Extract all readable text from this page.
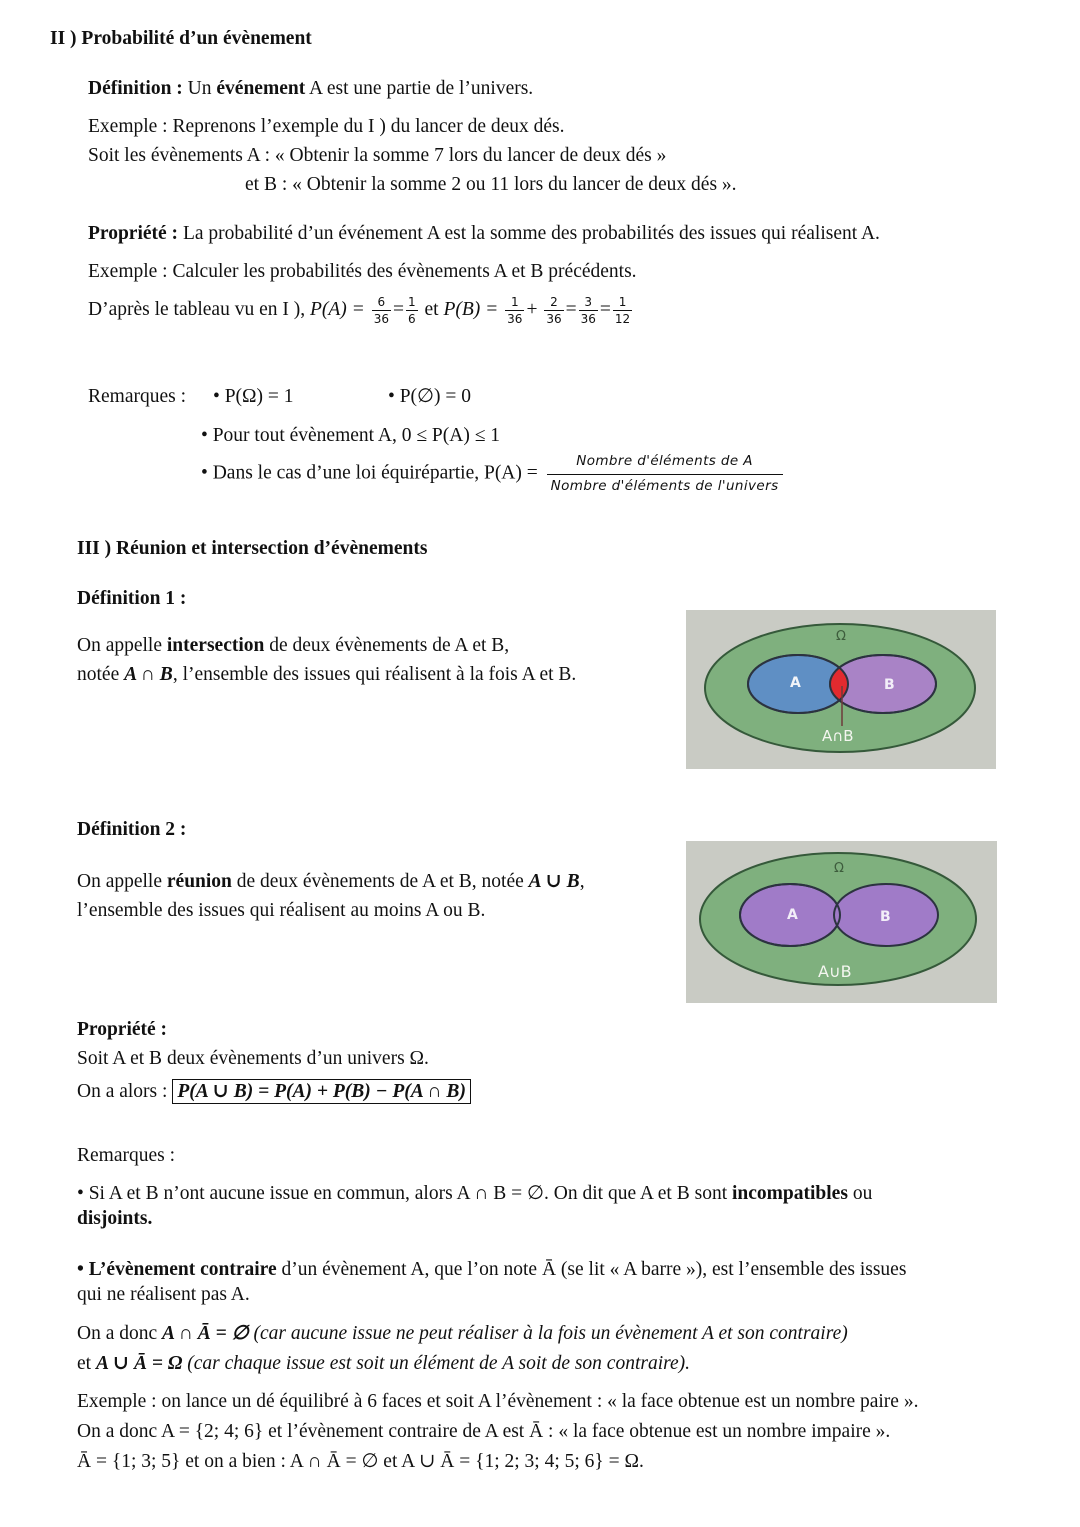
II ) Probabilité d’un évènement
Définition : Un événement A est une partie de l’univers.
Exemple : Reprenons l’exemple du I ) du lancer de deux dés.
Soit les évènements A : « Obtenir la somme 7 lors du lancer de deux dés »
et B : « Obtenir la somme 2 ou 11 lors du lancer de deux dés ».
Propriété : La probabilité d’un événement A est la somme des probabilités des issues qui réalisent A.
Exemple : Calculer les probabilités des évènements A et B précédents.
D’après le tableau vu en I ), $P(A) = \frac{6}{36} = \frac{1}{6}$ et $P(B) = \frac{1}{36} + \frac{2}{36} = \frac{3}{36} = \frac{1}{12}$
Remarques : • P(Ω) = 1	• P(∅) = 0
• Pour tout évènement A, 0 ≤ P(A) ≤ 1
• Dans le cas d’une loi équirépartie, $P(A) = \frac{\text{Nombre d'éléments de A}}{\text{Nombre d'éléments de l'univers}}$
III ) Réunion et intersection d’évènements
Définition 1 :
On appelle intersection de deux évènements de A et B,
notée A ∩ B, l’ensemble des issues qui réalisent à la fois A et B.
Ω
A	B
A∩B
Définition 2 :
On appelle réunion de deux évènements de A et B, notée A ∪ B,
l’ensemble des issues qui réalisent au moins A ou B.
Ω
A	B
A∪B
Propriété :
Soit A et B deux évènements d’un univers Ω.
On a alors : P(A ∪ B) = P(A) + P(B) − P(A ∩ B)
Remarques :
• Si A et B n’ont aucune issue en commun, alors A ∩ B = ∅. On dit que A et B sont incompatibles ou
disjoints.
• L’évènement contraire d’un évènement A, que l’on note Ā (se lit « A barre »), est l’ensemble des issues
qui ne réalisent pas A.
On a donc A ∩ Ā = ∅ (car aucune issue ne peut réaliser à la fois un évènement A et son contraire)
et A ∪ Ā = Ω (car chaque issue est soit un élément de A soit de son contraire).
Exemple : on lance un dé équilibré à 6 faces et soit A l’évènement : « la face obtenue est un nombre paire ».
On a donc A = {2; 4; 6} et l’évènement contraire de A est Ā : « la face obtenue est un nombre impaire ».
Ā = {1; 3; 5} et on a bien : A ∩ Ā = ∅ et A ∪ Ā = {1; 2; 3; 4; 5; 6} = Ω.
